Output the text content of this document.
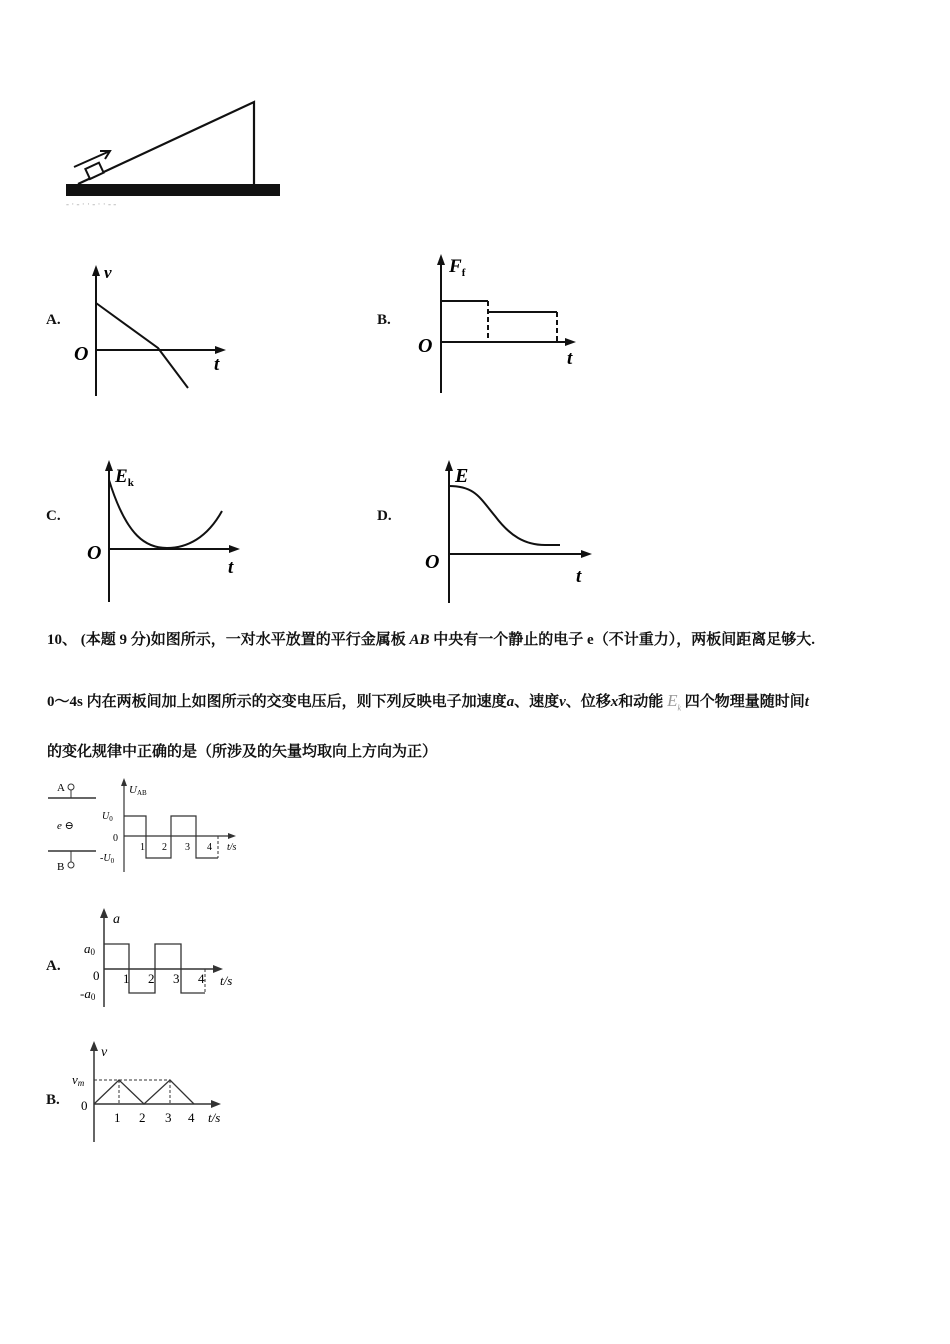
- · - · · - · · - -
A.
v
O	t
B.
$F_f$
O
t
C.
$E_k$
O
t
D.
E
O
t
10、 (本题 9 分)如图所示，一对水平放置的平行金属板 AB 中央有一个静止的电子 e（不计重力），两板间距离足够大.
0～4s 内在两板间加上如图所示的交变电压后，则下列反映电子加速度a、速度v、位移x和动能 $E_k$ 四个物理量随时间t
的变化规律中正确的是（所涉及的矢量均取向上方向为正）
A
e ⊖
B
UAB
$U_0$
0
$-U_0$
1 2 3 4 t/s
A.
a
a0
0
-a0
1 2 3 4 t/s
B.
v
vm
0
1 2 3 4 t/s
